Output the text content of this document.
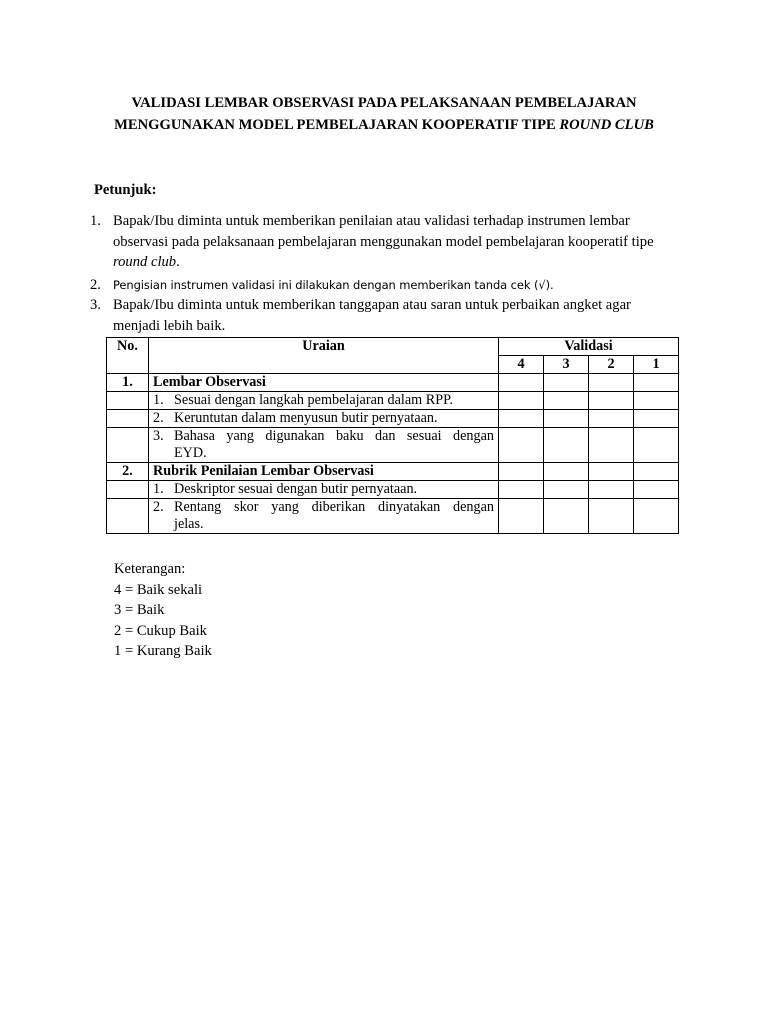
VALIDASI LEMBAR OBSERVASI PADA PELAKSANAAN PEMBELAJARAN
MENGGUNAKAN MODEL PEMBELAJARAN KOOPERATIF TIPE ROUND CLUB
Petunjuk:
1. Bapak/Ibu diminta untuk memberikan penilaian atau validasi terhadap instrumen lembar
observasi pada pelaksanaan pembelajaran menggunakan model pembelajaran kooperatif tipe
round club.
2. Pengisian instrumen validasi ini dilakukan dengan memberikan tanda cek (√).
3. Bapak/Ibu diminta untuk memberikan tanggapan atau saran untuk perbaikan angket agar
menjadi lebih baik.
No.	Uraian	Validasi			
		4	3	2	1
1.	Lembar Observasi				

	1. Sesuai dengan langkah pembelajaran dalam RPP.				

	2. Keruntutan dalam menyusun butir pernyataan.				

	3. Bahasa yang digunakan baku dan sesuai dengan
EYD.				

2.	Rubrik Penilaian Lembar Observasi				

	1. Deskriptor sesuai dengan butir pernyataan.				

	2. Rentang skor yang diberikan dinyatakan dengan
jelas.				

Keterangan:
4 = Baik sekali
3 = Baik
2 = Cukup Baik
1 = Kurang Baik
